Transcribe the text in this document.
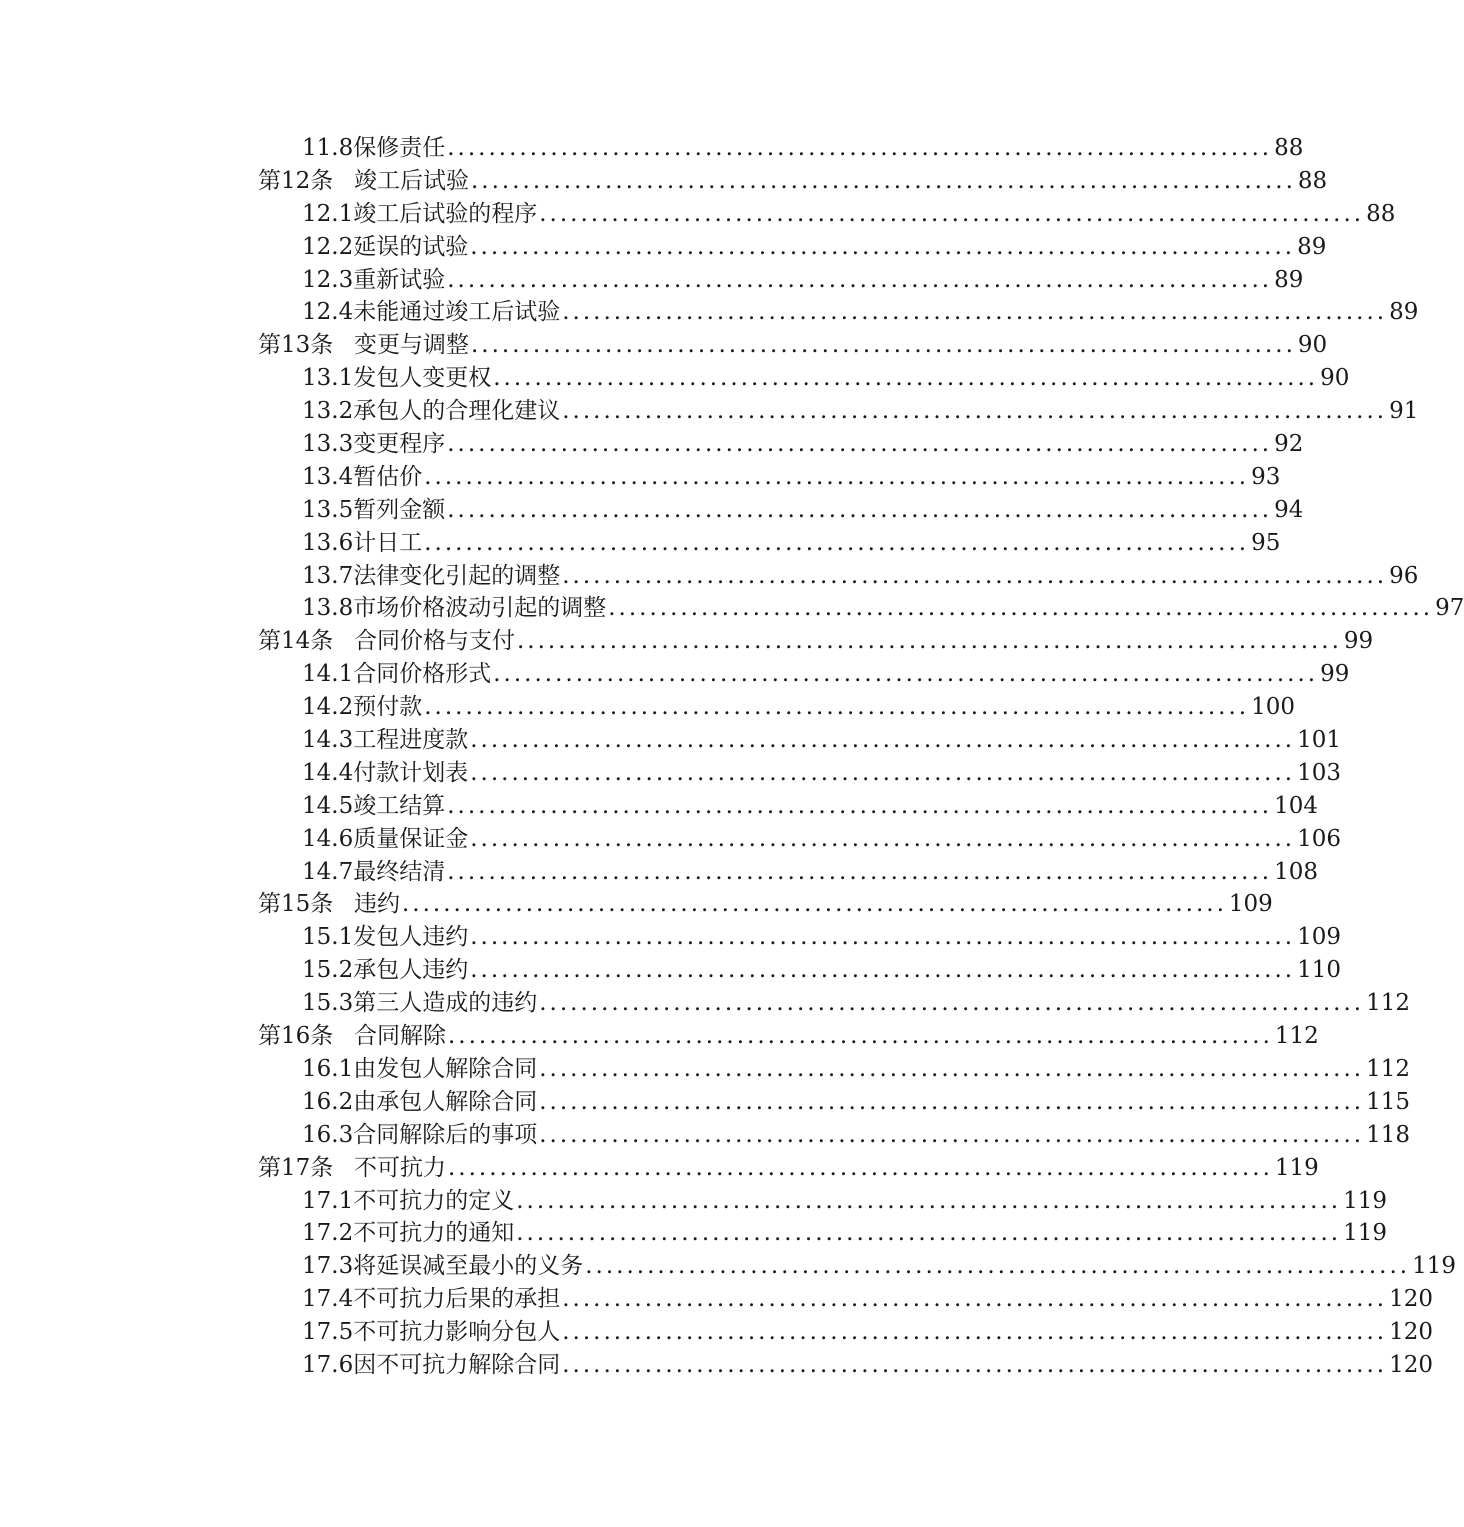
11.8保修责任 ................................................................................ 88
第12条 竣工后试验 ................................................................................ 88
12.1竣工后试验的程序 ................................................................................ 88
12.2延误的试验 ................................................................................ 89
12.3重新试验 ................................................................................ 89
12.4未能通过竣工后试验 ................................................................................ 89
第13条 变更与调整 ................................................................................ 90
13.1发包人变更权 ................................................................................ 90
13.2承包人的合理化建议 ................................................................................ 91
13.3变更程序 ................................................................................ 92
13.4暂估价 ................................................................................ 93
13.5暂列金额 ................................................................................ 94
13.6计日工 ................................................................................ 95
13.7法律变化引起的调整 ................................................................................ 96
13.8市场价格波动引起的调整 ................................................................................ 97
第14条 合同价格与支付 ................................................................................ 99
14.1合同价格形式 ................................................................................ 99
14.2预付款 ................................................................................ 100
14.3工程进度款 ................................................................................ 101
14.4付款计划表 ................................................................................ 103
14.5竣工结算 ................................................................................ 104
14.6质量保证金 ................................................................................ 106
14.7最终结清 ................................................................................ 108
第15条 违约 ................................................................................ 109
15.1发包人违约 ................................................................................ 109
15.2承包人违约 ................................................................................ 110
15.3第三人造成的违约 ................................................................................ 112
第16条 合同解除 ................................................................................ 112
16.1由发包人解除合同 ................................................................................ 112
16.2由承包人解除合同 ................................................................................ 115
16.3合同解除后的事项 ................................................................................ 118
第17条 不可抗力 ................................................................................ 119
17.1不可抗力的定义 ................................................................................ 119
17.2不可抗力的通知 ................................................................................ 119
17.3将延误减至最小的义务 ................................................................................ 119
17.4不可抗力后果的承担 ................................................................................ 120
17.5不可抗力影响分包人 ................................................................................ 120
17.6因不可抗力解除合同 ................................................................................ 120
